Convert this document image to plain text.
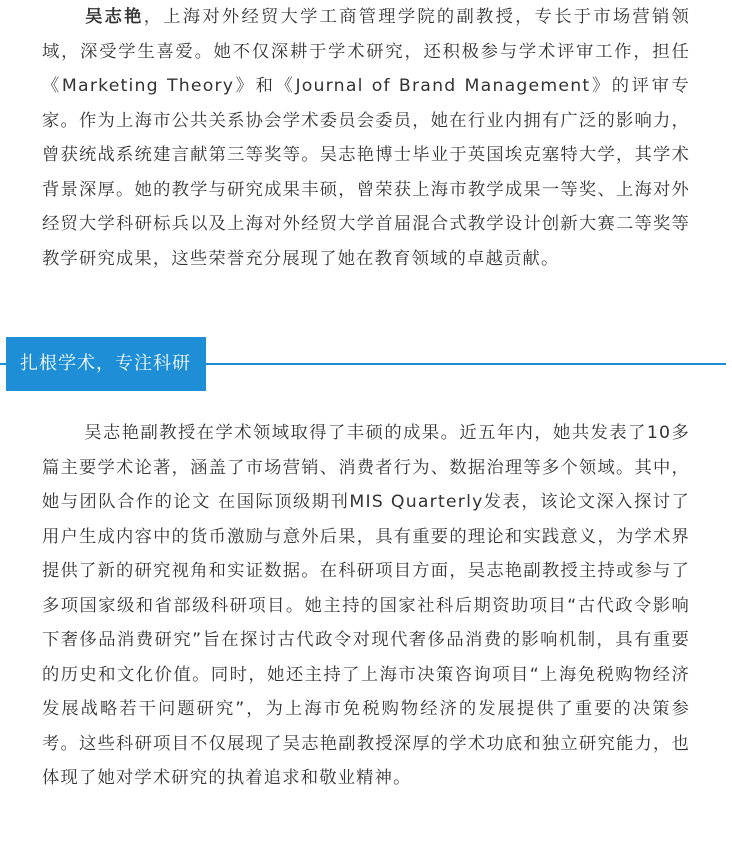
吴志艳，上海对外经贸大学工商管理学院的副教授，专长于市场营销领域，深受学生喜爱。她不仅深耕于学术研究，还积极参与学术评审工作，担任《Marketing Theory》和《Journal of Brand Management》的评审专家。作为上海市公共关系协会学术委员会委员，她在行业内拥有广泛的影响力，曾获统战系统建言献第三等奖等。吴志艳博士毕业于英国埃克塞特大学，其学术背景深厚。她的教学与研究成果丰硕，曾荣获上海市教学成果一等奖、上海对外经贸大学科研标兵以及上海对外经贸大学首届混合式教学设计创新大赛二等奖等教学研究成果，这些荣誉充分展现了她在教育领域的卓越贡献。

扎根学术，专注科研

吴志艳副教授在学术领域取得了丰硕的成果。近五年内，她共发表了10多篇主要学术论著，涵盖了市场营销、消费者行为、数据治理等多个领域。其中，她与团队合作的论文 在国际顶级期刊MIS Quarterly发表，该论文深入探讨了用户生成内容中的货币激励与意外后果，具有重要的理论和实践意义，为学术界提供了新的研究视角和实证数据。在科研项目方面，吴志艳副教授主持或参与了多项国家级和省部级科研项目。她主持的国家社科后期资助项目“古代政令影响下奢侈品消费研究”旨在探讨古代政令对现代奢侈品消费的影响机制，具有重要的历史和文化价值。同时，她还主持了上海市决策咨询项目“上海免税购物经济发展战略若干问题研究”，为上海市免税购物经济的发展提供了重要的决策参考。这些科研项目不仅展现了吴志艳副教授深厚的学术功底和独立研究能力，也体现了她对学术研究的执着追求和敬业精神。
